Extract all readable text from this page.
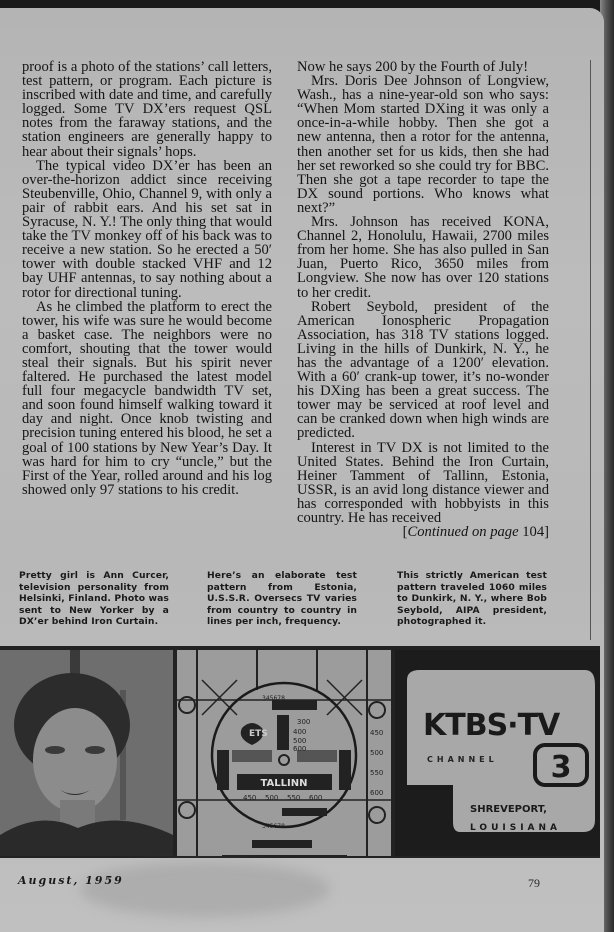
proof is a photo of the stations’ call letters, test pattern, or program. Each picture is inscribed with date and time, and carefully logged. Some TV DX’ers request QSL notes from the faraway stations, and the station engineers are generally happy to hear about their signals’ hops.

The typical video DX’er has been an over-the-horizon addict since receiving Steubenville, Ohio, Channel 9, with only a pair of rabbit ears. And his set sat in Syracuse, N. Y.! The only thing that would take the TV monkey off of his back was to receive a new station. So he erected a 50′ tower with double stacked VHF and 12 bay UHF antennas, to say nothing about a rotor for directional tuning.

As he climbed the platform to erect the tower, his wife was sure he would become a basket case. The neighbors were no comfort, shouting that the tower would steal their signals. But his spirit never faltered. He purchased the latest model full four megacycle bandwidth TV set, and soon found himself walking toward it day and night. Once knob twisting and precision tuning entered his blood, he set a goal of 100 stations by New Year’s Day. It was hard for him to cry “uncle,” but the First of the Year, rolled around and his log showed only 97 stations to his credit.

Now he says 200 by the Fourth of July!

Mrs. Doris Dee Johnson of Longview, Wash., has a nine-year-old son who says: “When Mom started DXing it was only a once-in-a-while hobby. Then she got a new antenna, then a rotor for the antenna, then another set for us kids, then she had her set reworked so she could try for BBC. Then she got a tape recorder to tape the DX sound portions. Who knows what next?”

Mrs. Johnson has received KONA, Channel 2, Honolulu, Hawaii, 2700 miles from her home. She has also pulled in San Juan, Puerto Rico, 3650 miles from Longview. She now has over 120 stations to her credit.

Robert Seybold, president of the American Ionospheric Propagation Association, has 318 TV stations logged. Living in the hills of Dunkirk, N. Y., he has the advantage of a 1200′ elevation. With a 60′ crank-up tower, it’s no-wonder his DXing has been a great success. The tower may be serviced at roof level and can be cranked down when high winds are predicted.

Interest in TV DX is not limited to the United States. Behind the Iron Curtain, Heiner Tamment of Tallinn, Estonia, USSR, is an avid long distance viewer and has corresponded with hobbyists in this country. He has received

[Continued on page 104]

Pretty girl is Ann Curcer, television personality from Helsinki, Finland. Photo was sent to New Yorker by a DX’er behind Iron Curtain.
Here’s an elaborate test pattern from Estonia, U.S.S.R. Oversecs TV varies from country to country in lines per inch, frequency.
This strictly American test pattern traveled 1060 miles to Dunkirk, N. Y., where Bob Seybold, AIPA president, photographed it.
ETS
TALLINN
300
400
500
600
450 500 550 600
450
500
550
600
345678
345678
KTBS·TV
CHANNEL 3
SHREVEPORT,
LOUISIANA
August, 1959	79
